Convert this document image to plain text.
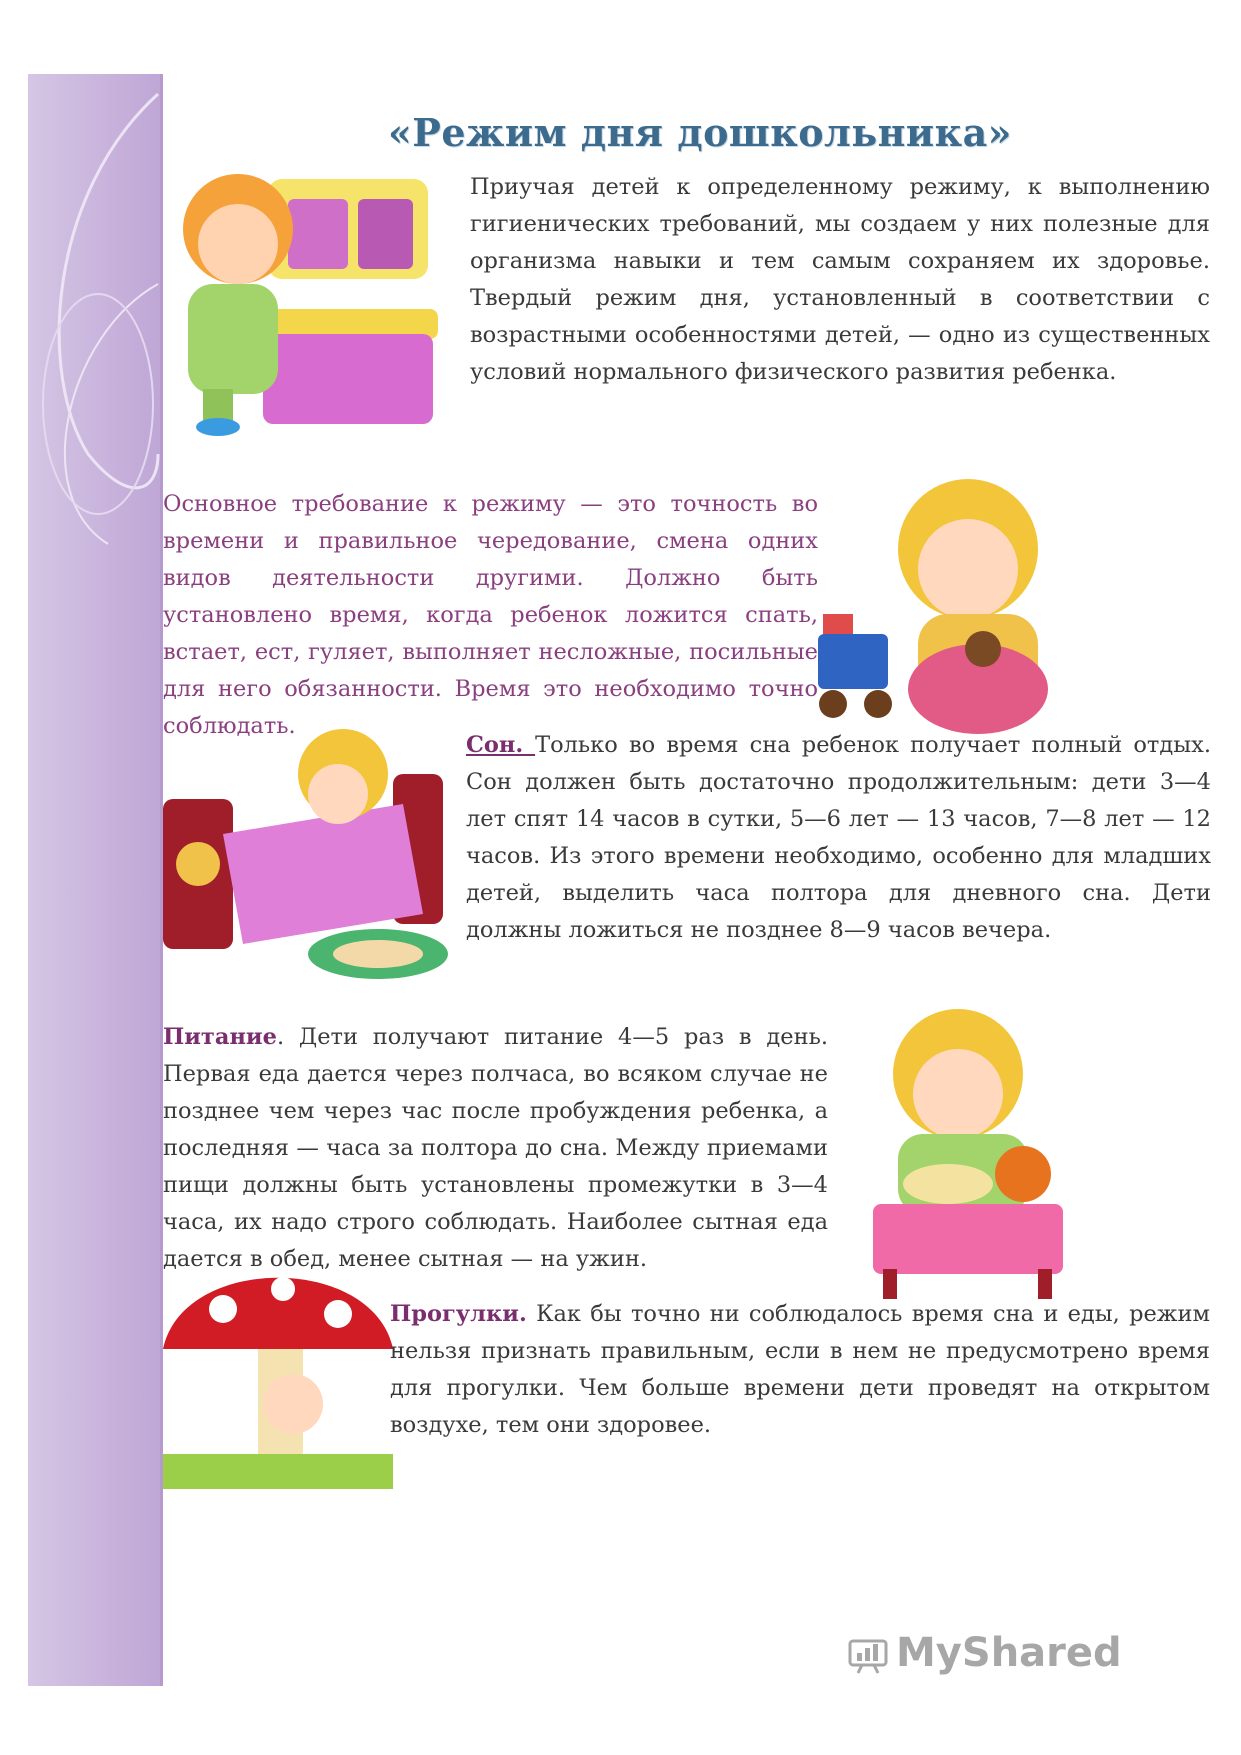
«Режим дня дошкольника»
Приучая детей к определенному режиму, к выполнению гигиенических требований, мы создаем у них полезные для организма навыки и тем самым сохраняем их здоровье. Твердый режим дня, установленный в соответствии с возрастными особенностями детей, — одно из существенных условий нормального физического развития ребенка.
Основное требование к режиму — это точность во времени и правильное чередование, смена одних видов деятельности другими. Должно быть установлено время, когда ребенок ложится спать, встает, ест, гуляет, выполняет несложные, посильные для него обязанности. Время это необходимо точно соблюдать.
Сон. Только во время сна ребенок получает полный отдых. Сон должен быть достаточно продолжительным: дети 3—4 лет спят 14 часов в сутки, 5—6 лет — 13 часов, 7—8 лет — 12 часов. Из этого времени необходимо, особенно для младших детей, выделить часа полтора для дневного сна. Дети должны ложиться не позднее 8—9 часов вечера.
Питание. Дети получают питание 4—5 раз в день. Первая еда дается через полчаса, во всяком случае не позднее чем через час после пробуждения ребенка, а последняя — часа за полтора до сна. Между приемами пищи должны быть установлены промежутки в 3—4 часа, их надо строго соблюдать. Наиболее сытная еда дается в обед, менее сытная — на ужин.
Прогулки. Как бы точно ни соблюдалось время сна и еды, режим нельзя признать правильным, если в нем не предусмотрено время для прогулки. Чем больше времени дети проведят на открытом воздухе, тем они здоровее.
MyShared
